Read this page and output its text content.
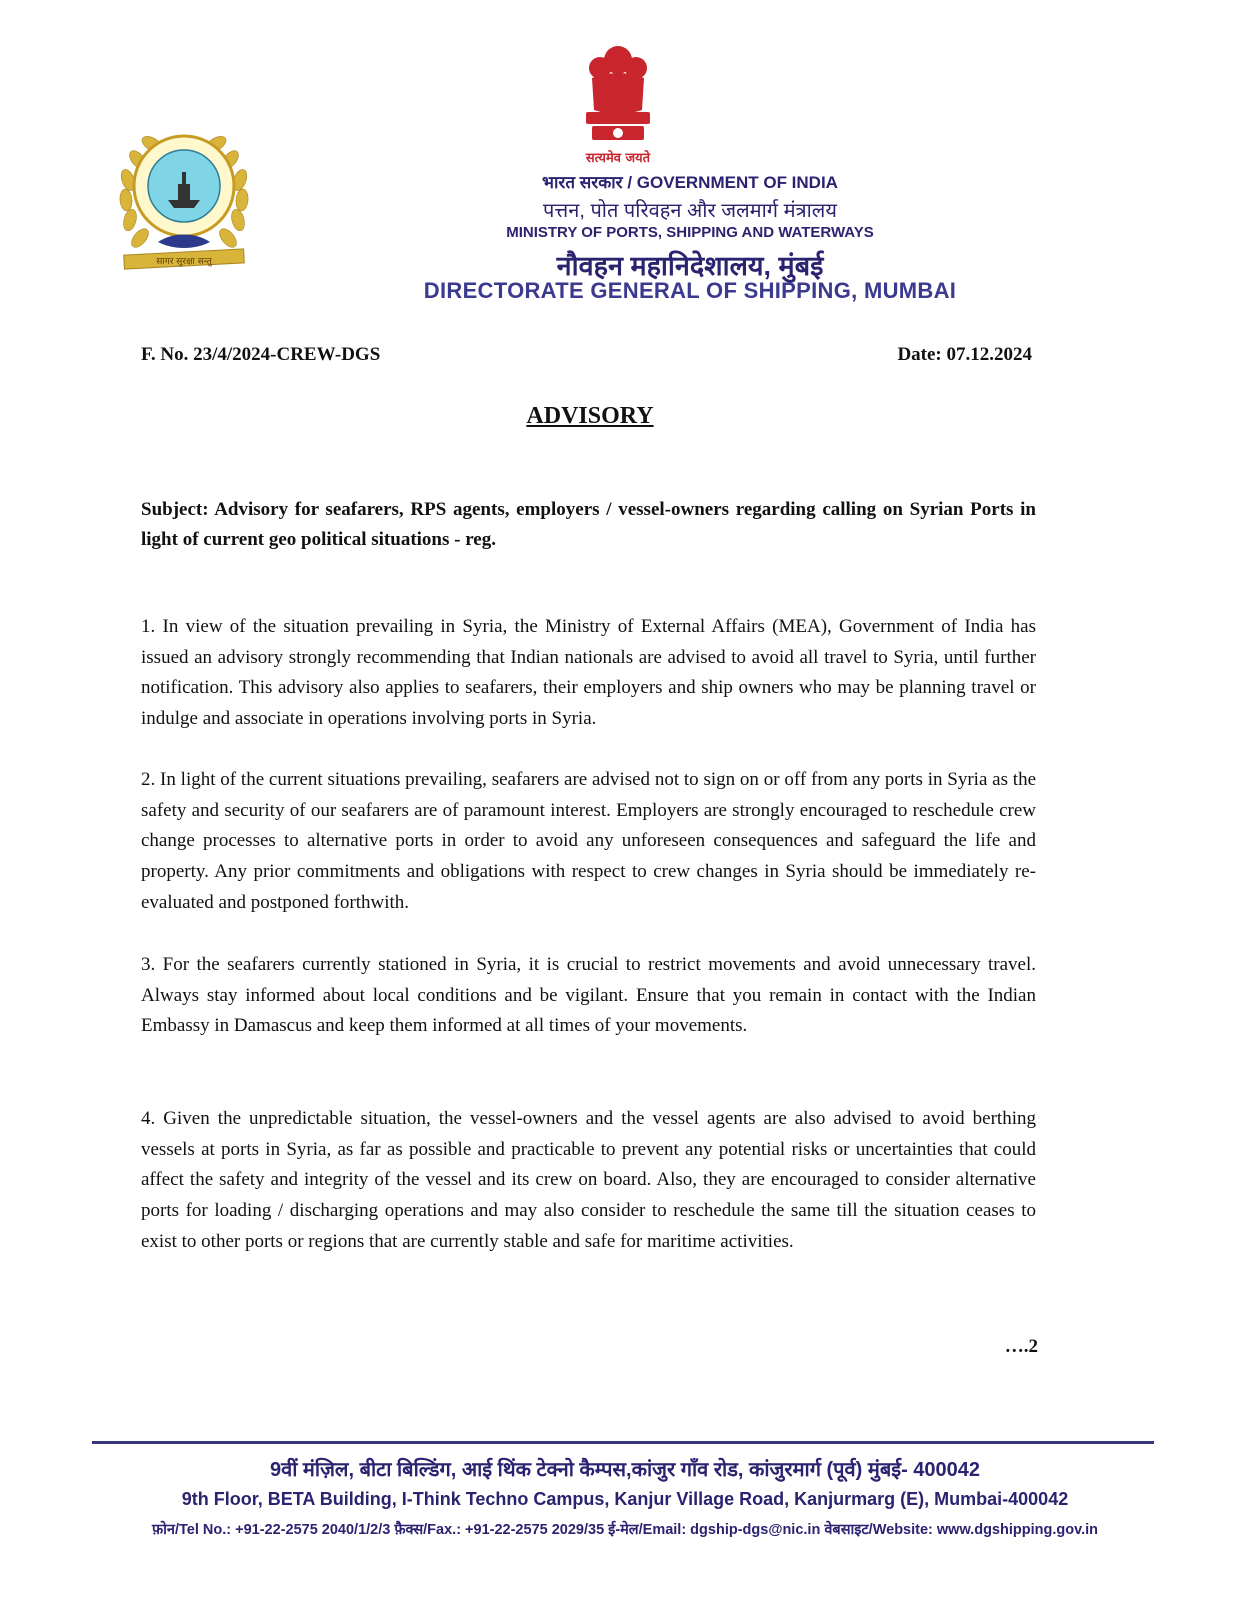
सागर सुरक्षा सन्तु
सत्यमेव जयते
भारत सरकार / GOVERNMENT OF INDIA
पत्तन, पोत परिवहन और जलमार्ग मंत्रालय
MINISTRY OF PORTS, SHIPPING AND WATERWAYS
नौवहन महानिदेशालय, मुंबई
DIRECTORATE GENERAL OF SHIPPING, MUMBAI
F. No. 23/4/2024-CREW-DGS	Date: 07.12.2024
ADVISORY
Subject: Advisory for seafarers, RPS agents, employers / vessel-owners regarding calling on Syrian Ports in light of current geo political situations - reg.
1. In view of the situation prevailing in Syria, the Ministry of External Affairs (MEA), Government of India has issued an advisory strongly recommending that Indian nationals are advised to avoid all travel to Syria, until further notification. This advisory also applies to seafarers, their employers and ship owners who may be planning travel or indulge and associate in operations involving ports in Syria.
2. In light of the current situations prevailing, seafarers are advised not to sign on or off from any ports in Syria as the safety and security of our seafarers are of paramount interest. Employers are strongly encouraged to reschedule crew change processes to alternative ports in order to avoid any unforeseen consequences and safeguard the life and property. Any prior commitments and obligations with respect to crew changes in Syria should be immediately re-evaluated and postponed forthwith.
3. For the seafarers currently stationed in Syria, it is crucial to restrict movements and avoid unnecessary travel. Always stay informed about local conditions and be vigilant. Ensure that you remain in contact with the Indian Embassy in Damascus and keep them informed at all times of your movements.
4. Given the unpredictable situation, the vessel-owners and the vessel agents are also advised to avoid berthing vessels at ports in Syria, as far as possible and practicable to prevent any potential risks or uncertainties that could affect the safety and integrity of the vessel and its crew on board. Also, they are encouraged to consider alternative ports for loading / discharging operations and may also consider to reschedule the same till the situation ceases to exist to other ports or regions that are currently stable and safe for maritime activities.
….2
9वीं मंज़िल, बीटा बिल्डिंग, आई थिंक टेक्नो कैम्पस,कांजुर गाँव रोड, कांजुरमार्ग (पूर्व) मुंबई- 400042
9th Floor, BETA Building, I-Think Techno Campus, Kanjur Village Road, Kanjurmarg (E), Mumbai-400042
फ़ोन/Tel No.: +91-22-2575 2040/1/2/3 फ़ैक्स/Fax.: +91-22-2575 2029/35 ई-मेल/Email: dgship-dgs@nic.in वेबसाइट/Website: www.dgshipping.gov.in
